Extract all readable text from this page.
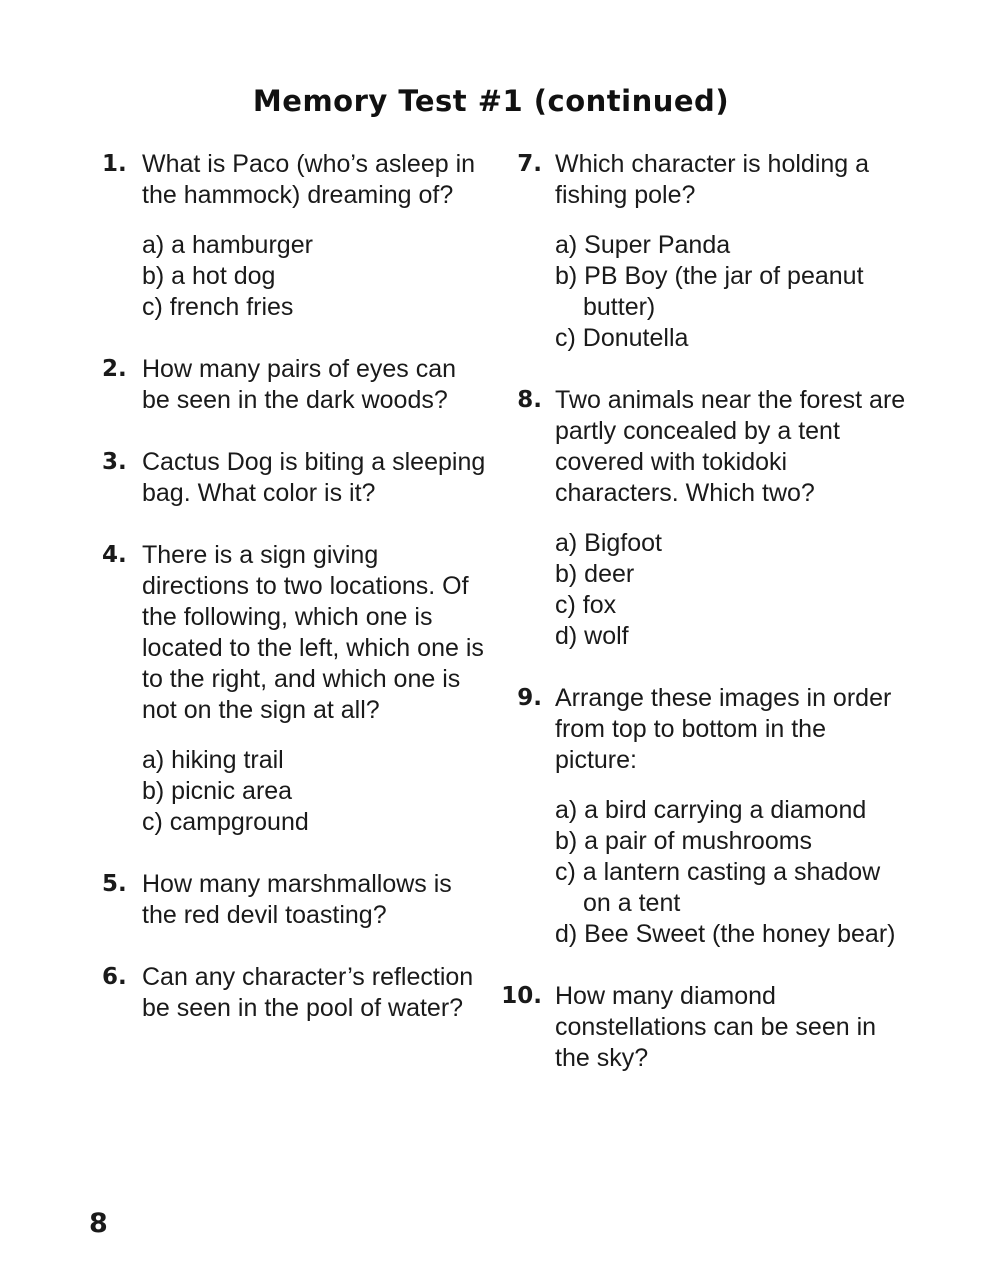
Memory Test #1 (continued)
1. What is Paco (who’s asleep in the hammock) dreaming of?
a) a hamburger
b) a hot dog
c) french fries
2. How many pairs of eyes can be seen in the dark woods?
3. Cactus Dog is biting a sleeping bag. What color is it?
4. There is a sign giving directions to two locations. Of the following, which one is located to the left, which one is to the right, and which one is not on the sign at all?
a) hiking trail
b) picnic area
c) campground
5. How many marshmallows is the red devil toasting?
6. Can any character’s reflection be seen in the pool of water?
7. Which character is holding a fishing pole?
a) Super Panda
b) PB Boy (the jar of peanut butter)
c) Donutella
8. Two animals near the forest are partly concealed by a tent covered with tokidoki characters. Which two?
a) Bigfoot
b) deer
c) fox
d) wolf
9. Arrange these images in order from top to bottom in the picture:
a) a bird carrying a diamond
b) a pair of mushrooms
c) a lantern casting a shadow on a tent
d) Bee Sweet (the honey bear)
10. How many diamond constellations can be seen in the sky?
8
